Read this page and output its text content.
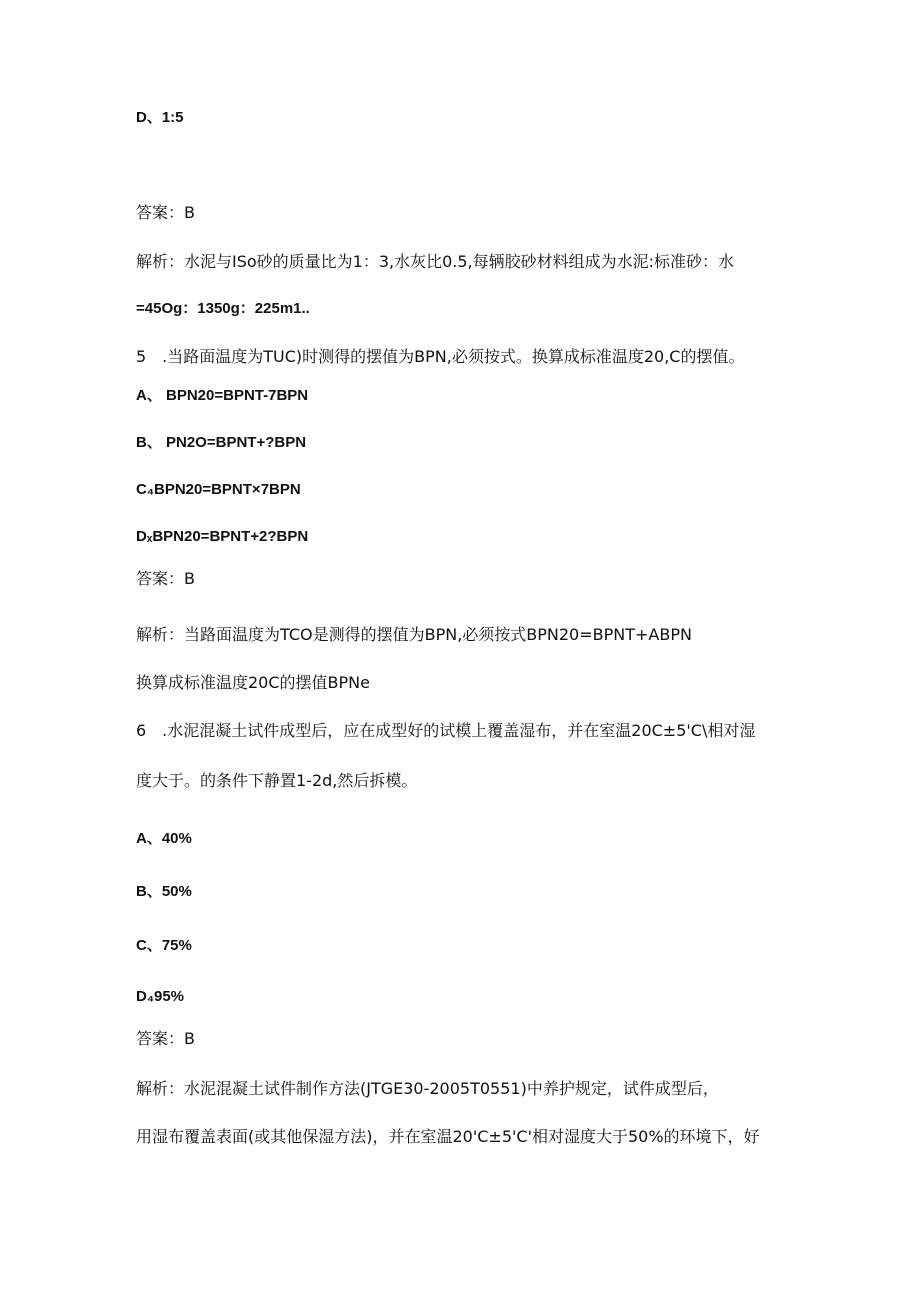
D、1:5
答案：B
解析：水泥与ISo砂的质量比为1：3,水灰比0.5,每辆胶砂材料组成为水泥:标准砂：水
=45Og：1350g：225m1..
5 .当路面温度为TUC)时测得的摆值为BPN,必须按式。换算成标准温度20,C的摆值。
A、 BPN20=BPNT-7BPN
B、 PN2O=BPNT+?BPN
C₄BPN20=BPNT×7BPN
DₓBPN20=BPNT+2?BPN
答案：B
解析：当路面温度为TCO是测得的摆值为BPN,必须按式BPN20=BPNT+ABPN
换算成标准温度20C的摆值BPNe
6 .水泥混凝土试件成型后，应在成型好的试模上覆盖湿布，并在室温20C±5'C\相对湿
度大于。的条件下静置1-2d,然后拆模。
A、40%
B、50%
C、75%
D₄95%
答案：B
解析：水泥混凝土试件制作方法(JTGE30-2005T0551)中养护规定，试件成型后，
用湿布覆盖表面(或其他保湿方法)，并在室温20'C±5'C'相对湿度大于50%的环境下，好
